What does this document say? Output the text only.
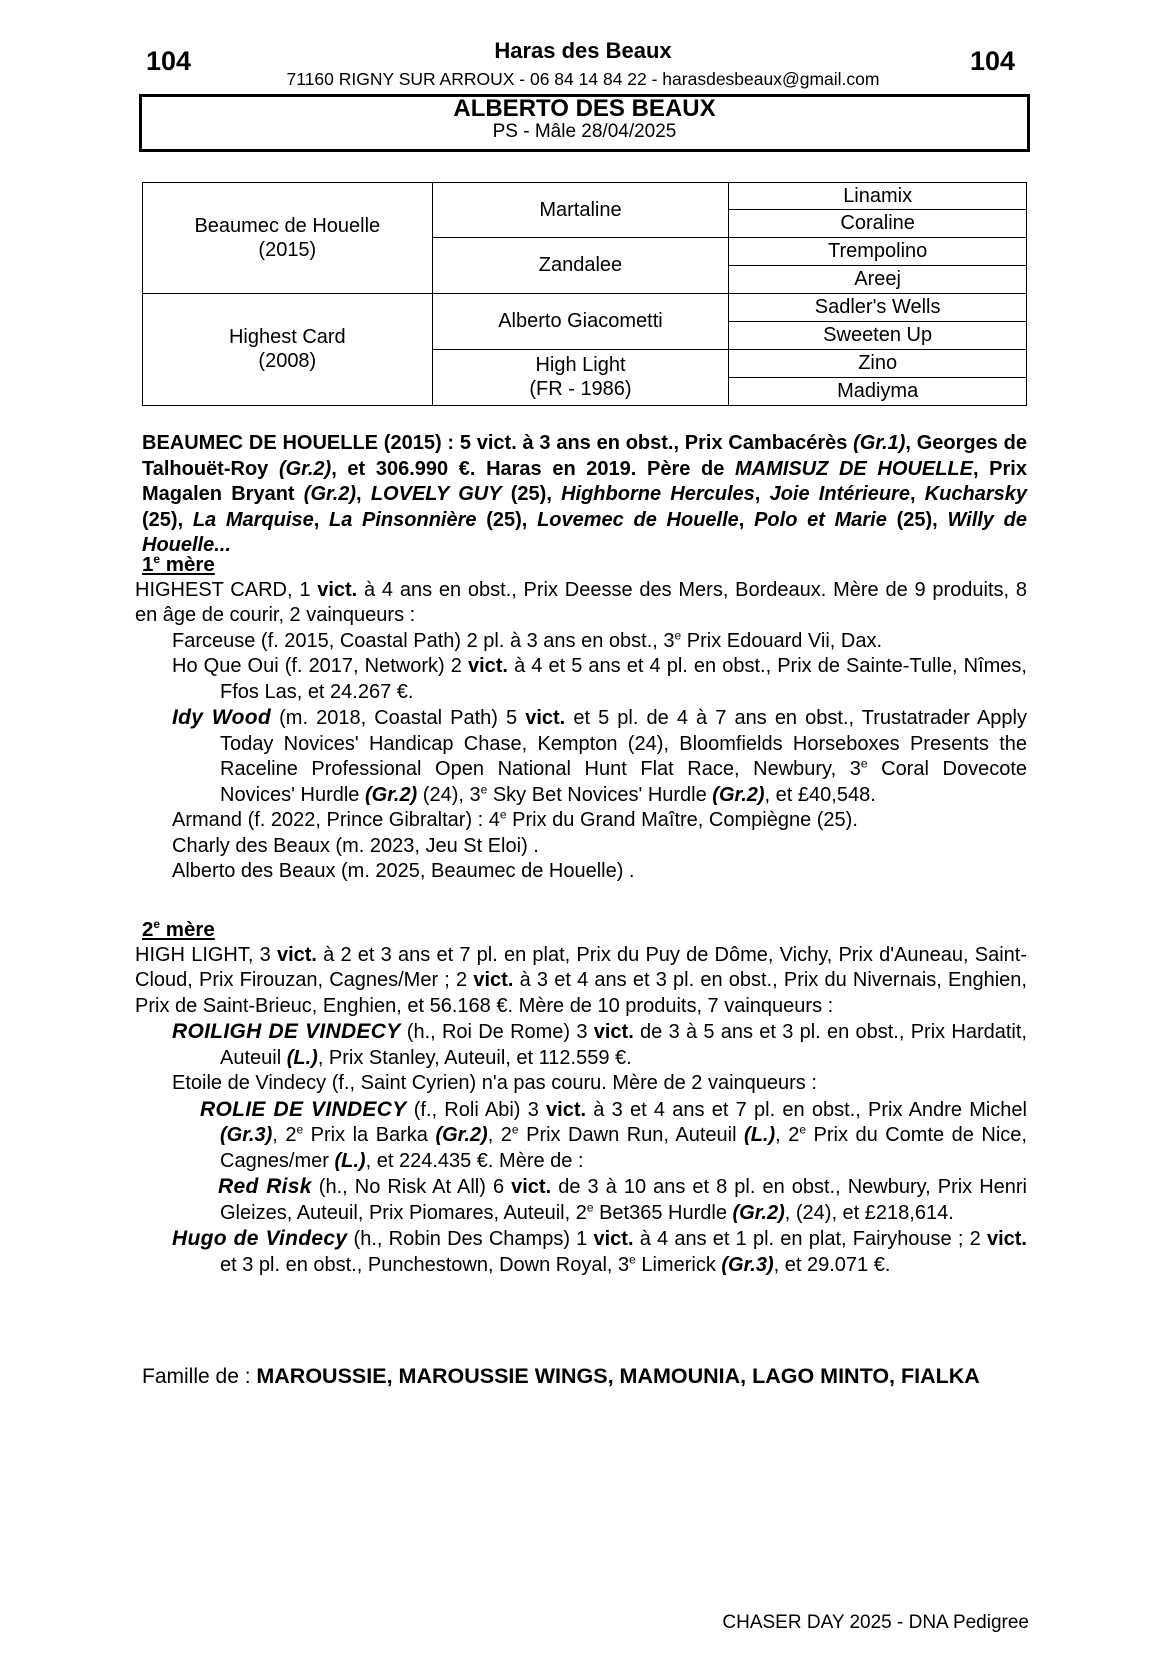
104	104
Haras des Beaux
71160 RIGNY SUR ARROUX - 06 84 14 84 22 - harasdesbeaux@gmail.com
ALBERTO DES BEAUX
PS - Mâle 28/04/2025
Beaumec de Houelle
(2015)	Martaline	Linamix
		Coraline
	Zandalee	Trempolino
		Areej

Highest Card
(2008)	Alberto Giacometti	Sadler's Wells
		Sweeten Up

	High Light
(FR - 1986)	Zino
		Madiyma
BEAUMEC DE HOUELLE (2015) : 5 vict. à 3 ans en obst., Prix Cambacérès (Gr.1), Georges de Talhouët-Roy (Gr.2), et 306.990 €. Haras en 2019. Père de MAMISUZ DE HOUELLE, Prix Magalen Bryant (Gr.2), LOVELY GUY (25), Highborne Hercules, Joie Intérieure, Kucharsky (25), La Marquise, La Pinsonnière (25), Lovemec de Houelle, Polo et Marie (25), Willy de Houelle...
1e mère
HIGHEST CARD, 1 vict. à 4 ans en obst., Prix Deesse des Mers, Bordeaux. Mère de 9 produits, 8 en âge de courir, 2 vainqueurs :
Farceuse (f. 2015, Coastal Path) 2 pl. à 3 ans en obst., 3e Prix Edouard Vii, Dax.
Ho Que Oui (f. 2017, Network) 2 vict. à 4 et 5 ans et 4 pl. en obst., Prix de Sainte-Tulle, Nîmes, Ffos Las, et 24.267 €.
Idy Wood (m. 2018, Coastal Path) 5 vict. et 5 pl. de 4 à 7 ans en obst., Trustatrader Apply Today Novices' Handicap Chase, Kempton (24), Bloomfields Horseboxes Presents the Raceline Professional Open National Hunt Flat Race, Newbury, 3e Coral Dovecote Novices' Hurdle (Gr.2) (24), 3e Sky Bet Novices' Hurdle (Gr.2), et £40,548.
Armand (f. 2022, Prince Gibraltar) : 4e Prix du Grand Maître, Compiègne (25).
Charly des Beaux (m. 2023, Jeu St Eloi) .
Alberto des Beaux (m. 2025, Beaumec de Houelle) .
2e mère
HIGH LIGHT, 3 vict. à 2 et 3 ans et 7 pl. en plat, Prix du Puy de Dôme, Vichy, Prix d'Auneau, Saint-Cloud, Prix Firouzan, Cagnes/Mer ; 2 vict. à 3 et 4 ans et 3 pl. en obst., Prix du Nivernais, Enghien, Prix de Saint-Brieuc, Enghien, et 56.168 €. Mère de 10 produits, 7 vainqueurs :
ROILIGH DE VINDECY (h., Roi De Rome) 3 vict. de 3 à 5 ans et 3 pl. en obst., Prix Hardatit, Auteuil (L.), Prix Stanley, Auteuil, et 112.559 €.
Etoile de Vindecy (f., Saint Cyrien) n'a pas couru. Mère de 2 vainqueurs :
ROLIE DE VINDECY (f., Roli Abi) 3 vict. à 3 et 4 ans et 7 pl. en obst., Prix Andre Michel (Gr.3), 2e Prix la Barka (Gr.2), 2e Prix Dawn Run, Auteuil (L.), 2e Prix du Comte de Nice, Cagnes/mer (L.), et 224.435 €. Mère de :
Red Risk (h., No Risk At All) 6 vict. de 3 à 10 ans et 8 pl. en obst., Newbury, Prix Henri Gleizes, Auteuil, Prix Piomares, Auteuil, 2e Bet365 Hurdle (Gr.2), (24), et £218,614.
Hugo de Vindecy (h., Robin Des Champs) 1 vict. à 4 ans et 1 pl. en plat, Fairyhouse ; 2 vict. et 3 pl. en obst., Punchestown, Down Royal, 3e Limerick (Gr.3), et 29.071 €.
Famille de : MAROUSSIE, MAROUSSIE WINGS, MAMOUNIA, LAGO MINTO, FIALKA
CHASER DAY 2025 - DNA Pedigree
